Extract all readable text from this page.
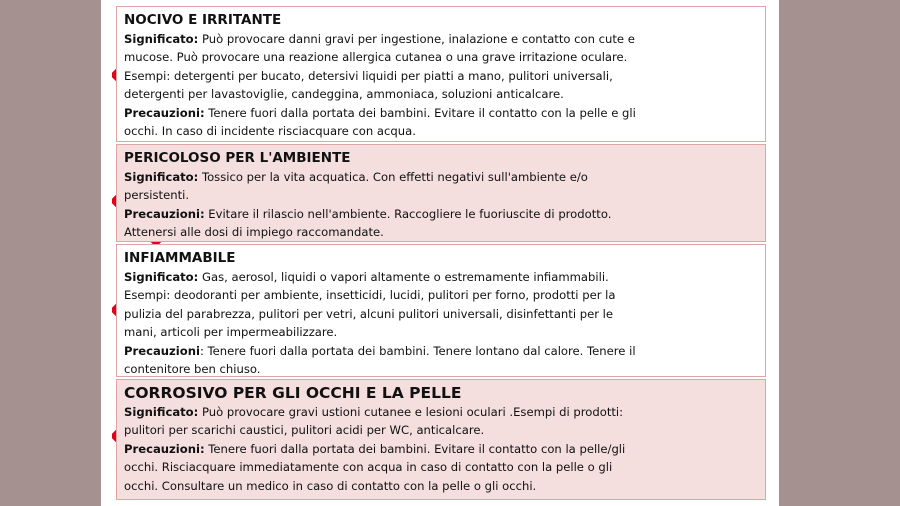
NOCIVO E IRRITANTE

Significato: Può provocare danni gravi per ingestione, inalazione e contatto con cute e

mucose. Può provocare una reazione allergica cutanea o una grave irritazione oculare.

Esempi: detergenti per bucato, detersivi liquidi per piatti a mano, pulitori universali,

detergenti per lavastoviglie, candeggina, ammoniaca, soluzioni anticalcare.

Precauzioni: Tenere fuori dalla portata dei bambini. Evitare il contatto con la pelle e gli

occhi. In caso di incidente risciacquare con acqua.

PERICOLOSO PER L'AMBIENTE

Significato: Tossico per la vita acquatica. Con effetti negativi sull'ambiente e/o

persistenti.

Precauzioni: Evitare il rilascio nell'ambiente. Raccogliere le fuoriuscite di prodotto.

Attenersi alle dosi di impiego raccomandate.

INFIAMMABILE

Significato: Gas, aerosol, liquidi o vapori altamente o estremamente infiammabili.

Esempi: deodoranti per ambiente, insetticidi, lucidi, pulitori per forno, prodotti per la

pulizia del parabrezza, pulitori per vetri, alcuni pulitori universali, disinfettanti per le

mani, articoli per impermeabilizzare.

Precauzioni: Tenere fuori dalla portata dei bambini. Tenere lontano dal calore. Tenere il

contenitore ben chiuso.

CORROSIVO PER GLI OCCHI E LA PELLE

Significato: Può provocare gravi ustioni cutanee e lesioni oculari .Esempi di prodotti:

pulitori per scarichi caustici, pulitori acidi per WC, anticalcare.

Precauzioni: Tenere fuori dalla portata dei bambini. Evitare il contatto con la pelle/gli

occhi. Risciacquare immediatamente con acqua in caso di contatto con la pelle o gli

occhi. Consultare un medico in caso di contatto con la pelle o gli occhi.
